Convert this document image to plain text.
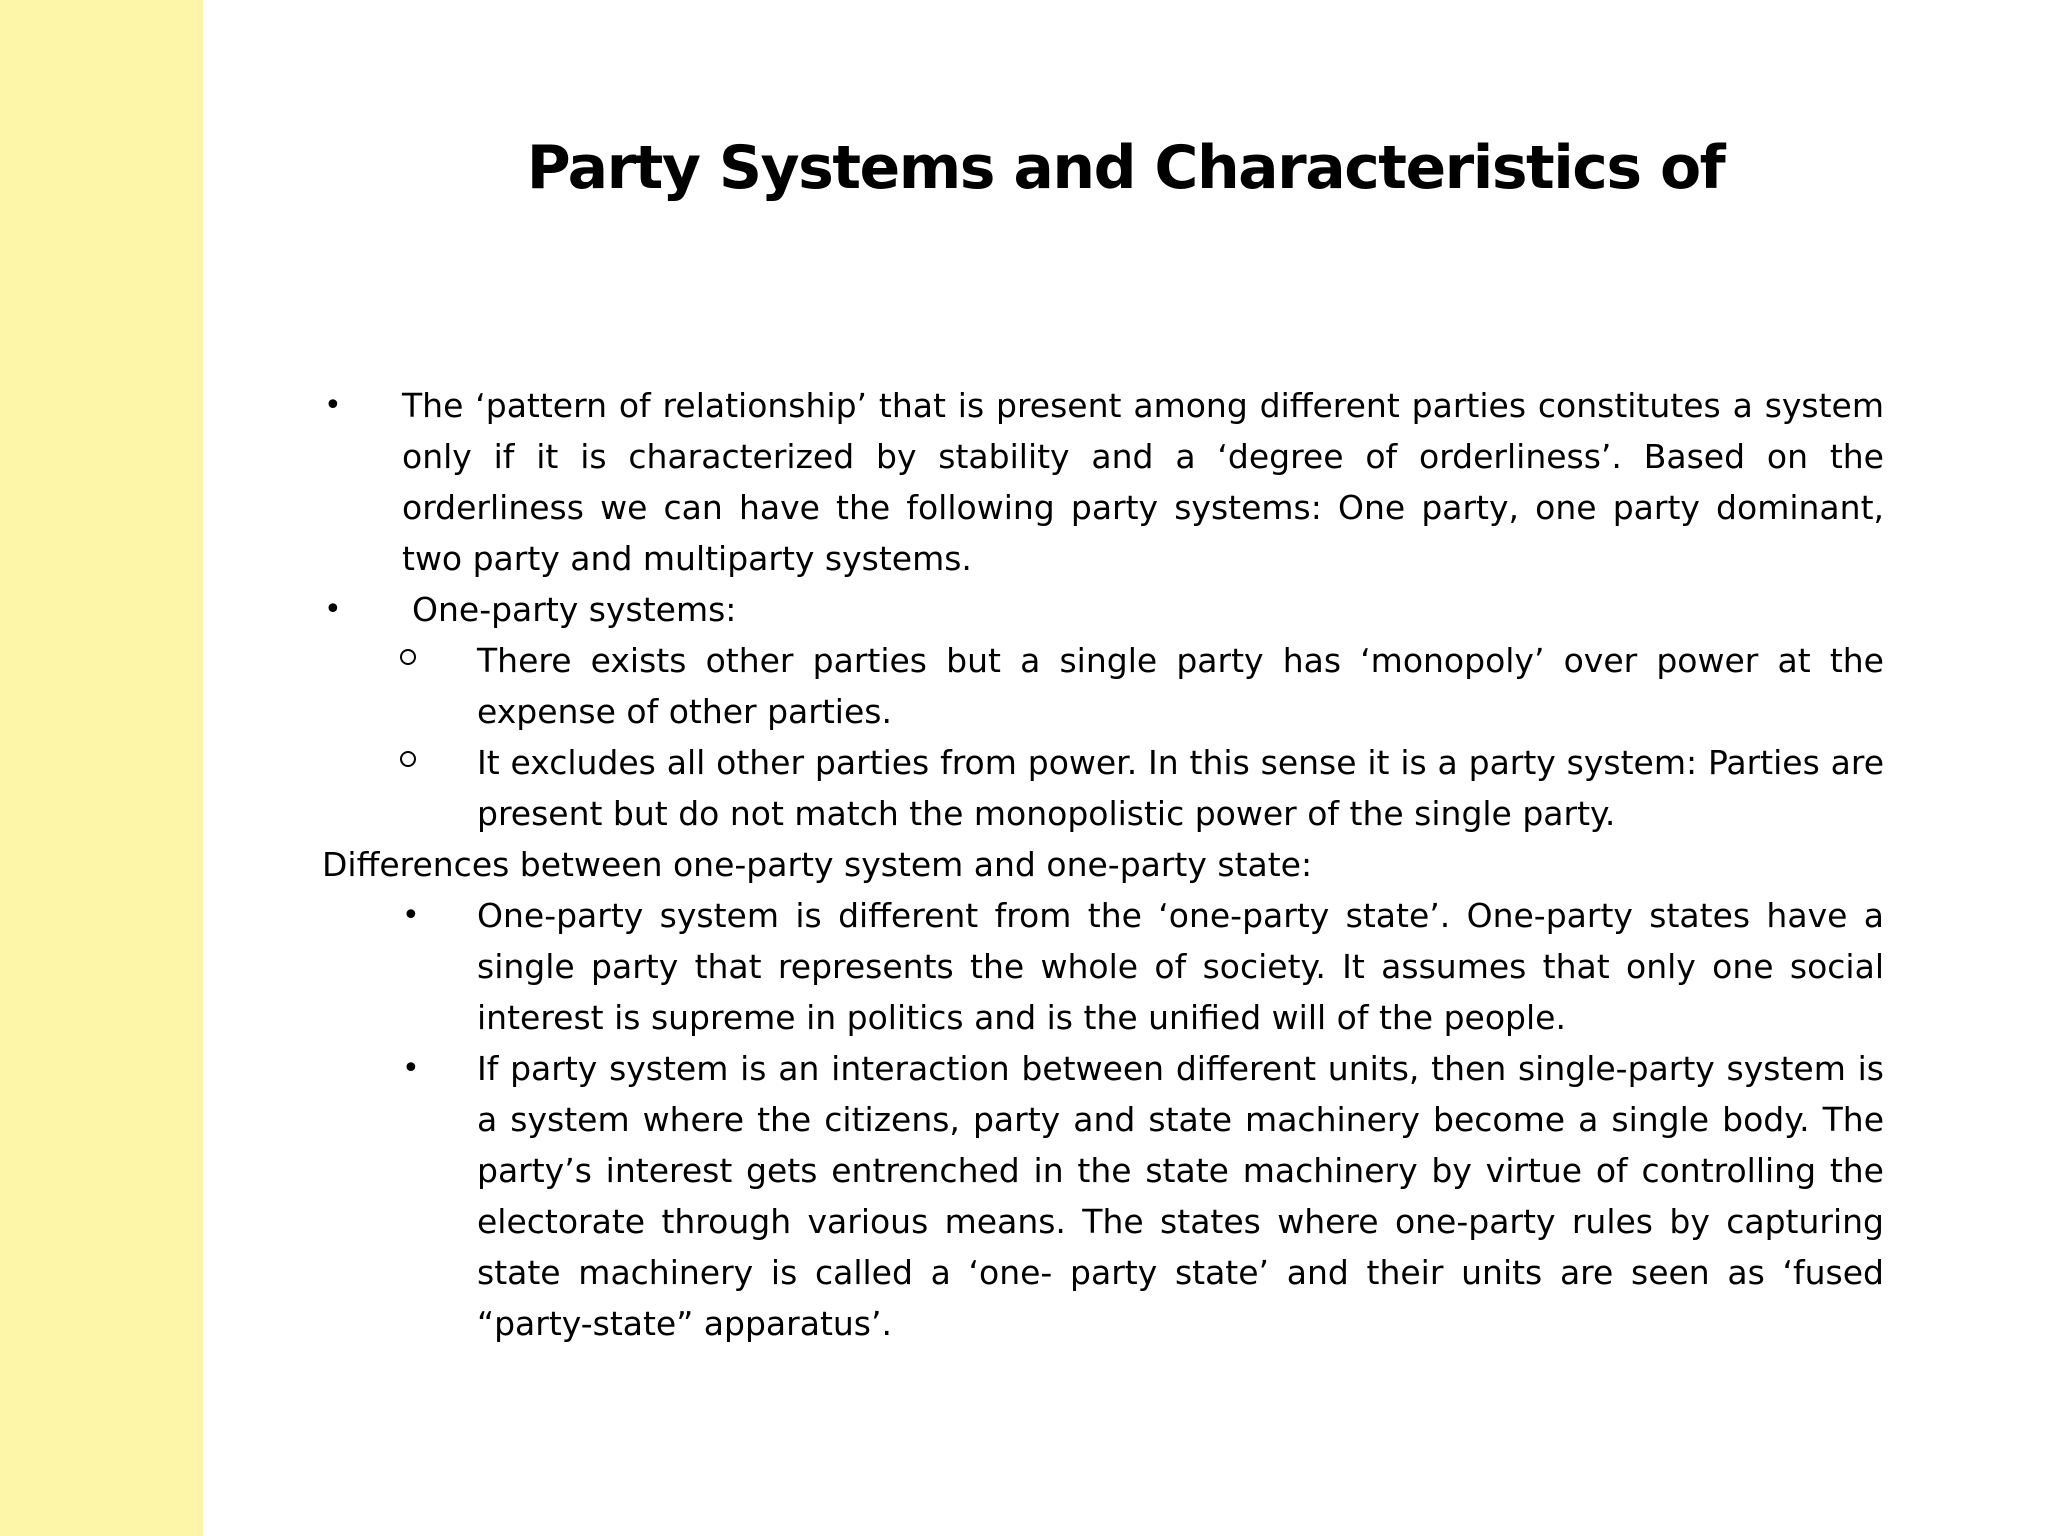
Party Systems and Characteristics of
• The ‘pattern of relationship’ that is present among different parties constitutes a system only if it is characterized by stability and a ‘degree of orderliness’. Based on the orderliness we can have the following party systems: One party, one party dominant, two party and multiparty systems.
• One-party systems:
There exists other parties but a single party has ‘monopoly’ over power at the expense of other parties.
It excludes all other parties from power. In this sense it is a party system: Parties are present but do not match the monopolistic power of the single party.
Differences between one-party system and one-party state:
• One-party system is different from the ‘one-party state’. One-party states have a single party that represents the whole of society. It assumes that only one social interest is supreme in politics and is the unified will of the people.
• If party system is an interaction between different units, then single-party system is a system where the citizens, party and state machinery become a single body. The party’s interest gets entrenched in the state machinery by virtue of controlling the electorate through various means. The states where one-party rules by capturing state machinery is called a ‘one- party state’ and their units are seen as ‘fused “party-state” apparatus’.
